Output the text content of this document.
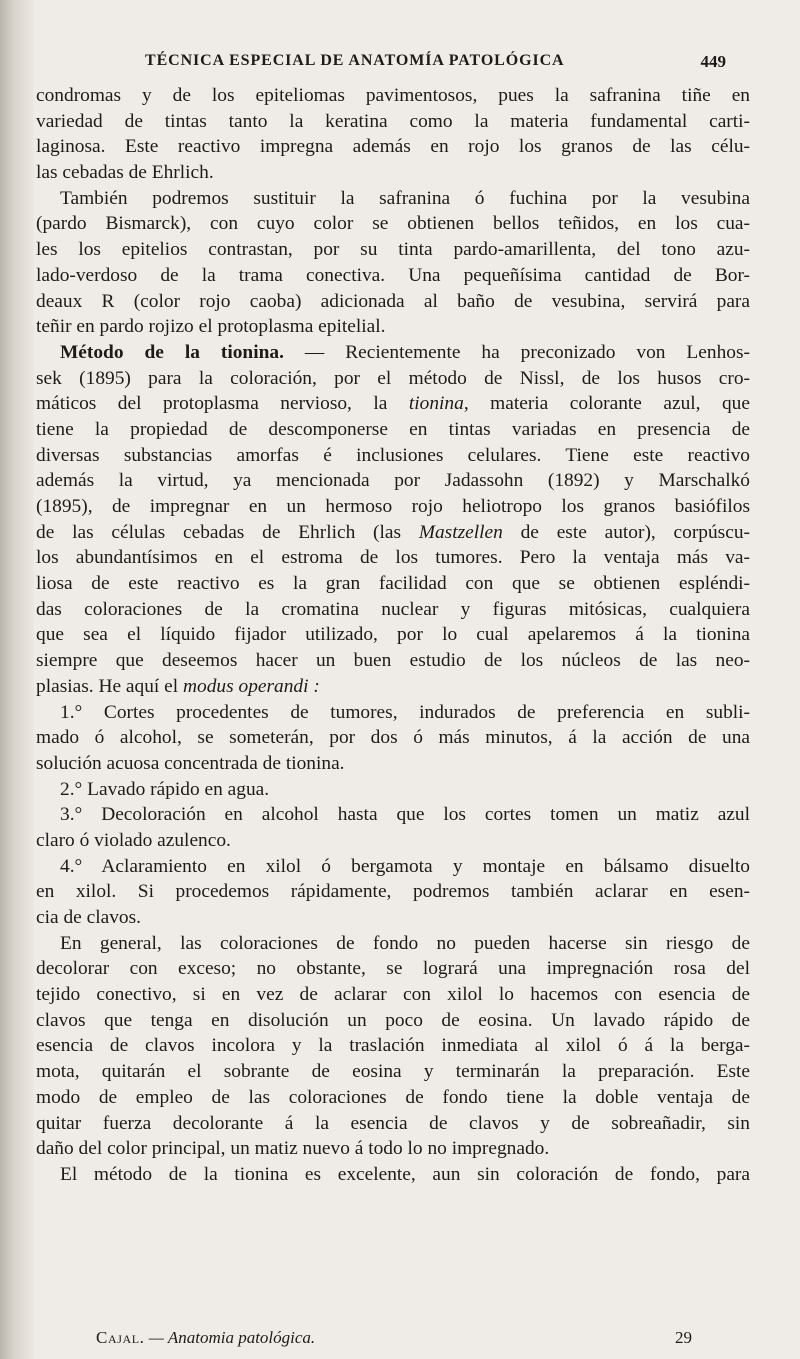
TÉCNICA ESPECIAL DE ANATOMÍA PATOLÓGICA	449
condromas y de los epiteliomas pavimentosos, pues la safranina tiñe en
variedad de tintas tanto la keratina como la materia fundamental carti-
laginosa. Este reactivo impregna además en rojo los granos de las célu-
las cebadas de Ehrlich.
También podremos sustituir la safranina ó fuchina por la vesubina
(pardo Bismarck), con cuyo color se obtienen bellos teñidos, en los cua-
les los epitelios contrastan, por su tinta pardo-amarillenta, del tono azu-
lado-verdoso de la trama conectiva. Una pequeñísima cantidad de Bor-
deaux R (color rojo caoba) adicionada al baño de vesubina, servirá para
teñir en pardo rojizo el protoplasma epitelial.
Método de la tionina. — Recientemente ha preconizado von Lenhos-
sek (1895) para la coloración, por el método de Nissl, de los husos cro-
máticos del protoplasma nervioso, la tionina, materia colorante azul, que
tiene la propiedad de descomponerse en tintas variadas en presencia de
diversas substancias amorfas é inclusiones celulares. Tiene este reactivo
además la virtud, ya mencionada por Jadassohn (1892) y Marschalkó
(1895), de impregnar en un hermoso rojo heliotropo los granos basiófilos
de las células cebadas de Ehrlich (las Mastzellen de este autor), corpúscu-
los abundantísimos en el estroma de los tumores. Pero la ventaja más va-
liosa de este reactivo es la gran facilidad con que se obtienen espléndi-
das coloraciones de la cromatina nuclear y figuras mitósicas, cualquiera
que sea el líquido fijador utilizado, por lo cual apelaremos á la tionina
siempre que deseemos hacer un buen estudio de los núcleos de las neo-
plasias. He aquí el modus operandi :
1.° Cortes procedentes de tumores, indurados de preferencia en subli-
mado ó alcohol, se someterán, por dos ó más minutos, á la acción de una
solución acuosa concentrada de tionina.
2.° Lavado rápido en agua.
3.° Decoloración en alcohol hasta que los cortes tomen un matiz azul
claro ó violado azulenco.
4.° Aclaramiento en xilol ó bergamota y montaje en bálsamo disuelto
en xilol. Si procedemos rápidamente, podremos también aclarar en esen-
cia de clavos.
En general, las coloraciones de fondo no pueden hacerse sin riesgo de
decolorar con exceso; no obstante, se logrará una impregnación rosa del
tejido conectivo, si en vez de aclarar con xilol lo hacemos con esencia de
clavos que tenga en disolución un poco de eosina. Un lavado rápido de
esencia de clavos incolora y la traslación inmediata al xilol ó á la berga-
mota, quitarán el sobrante de eosina y terminarán la preparación. Este
modo de empleo de las coloraciones de fondo tiene la doble ventaja de
quitar fuerza decolorante á la esencia de clavos y de sobreañadir, sin
daño del color principal, un matiz nuevo á todo lo no impregnado.
El método de la tionina es excelente, aun sin coloración de fondo, para
Cajal. — Anatomia patológica.	29
